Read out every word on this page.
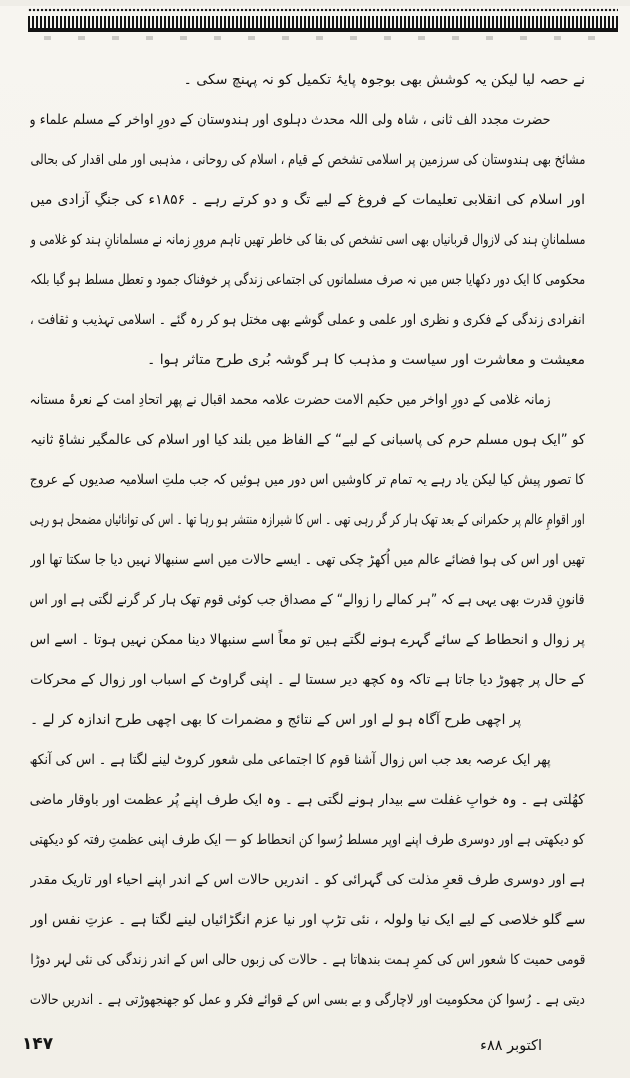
نے حصہ لیا لیکن یہ کوشش بھی بوجوہ پایۂ تکمیل کو نہ پہنچ سکی ۔
حضرت مجدد الف ثانی ، شاہ ولی اللہ محدث دہلوی اور ہندوستان کے دورِ اواخر کے مسلم علماء و
مشائخ بھی ہندوستان کی سرزمین پر اسلامی تشخص کے قیام ، اسلام کی روحانی ، مذہبی اور ملی اقدار کی بحالی
اور اسلام کی انقلابی تعلیمات کے فروغ کے لیے تگ و دو کرتے رہے ۔ ۱۸۵۶ء کی جنگِ آزادی میں
مسلمانانِ ہند کی لازوال قربانیاں بھی اسی تشخص کی بقا کی خاطر تھیں تاہم مرورِ زمانہ نے مسلمانانِ ہند کو غلامی و
محکومی کا ایک دور دکھایا جس میں نہ صرف مسلمانوں کی اجتماعی زندگی پر خوفناک جمود و تعطل مسلط ہو گیا بلکہ
انفرادی زندگی کے فکری و نظری اور علمی و عملی گوشے بھی مختل ہو کر رہ گئے ۔ اسلامی تہذیب و ثقافت ،
معیشت و معاشرت اور سیاست و مذہب کا ہر گوشہ بُری طرح متاثر ہوا ۔
زمانہ غلامی کے دورِ اواخر میں حکیم الامت حضرت علامہ محمد اقبال نے پھر اتحادِ امت کے نعرۂ مستانہ
کو ”ایک ہوں مسلم حرم کی پاسبانی کے لیے“ کے الفاظ میں بلند کیا اور اسلام کی عالمگیر نشاۃِ ثانیہ
کا تصور پیش کیا لیکن یاد رہے یہ تمام تر کاوشیں اس دور میں ہوئیں کہ جب ملتِ اسلامیہ صدیوں کے عروج
اور اقوامِ عالم پر حکمرانی کے بعد تھک ہار کر گر رہی تھی ۔ اس کا شیرازہ منتشر ہو رہا تھا ۔ اس کی توانائیاں مضمحل ہو رہی
تھیں اور اس کی ہوا فضائے عالم میں اُکھڑ چکی تھی ۔ ایسے حالات میں اسے سنبھالا نہیں دیا جا سکتا تھا اور
قانونِ قدرت بھی یہی ہے کہ ”ہر کمالے را زوالے“ کے مصداق جب کوئی قوم تھک ہار کر گرنے لگتی ہے اور اس
پر زوال و انحطاط کے سائے گہرے ہونے لگتے ہیں تو معاً اسے سنبھالا دینا ممکن نہیں ہوتا ۔ اسے اس
کے حال پر چھوڑ دیا جاتا ہے تاکہ وہ کچھ دیر سستا لے ۔ اپنی گراوٹ کے اسباب اور زوال کے محرکات
پر اچھی طرح آگاہ ہو لے اور اس کے نتائج و مضمرات کا بھی اچھی طرح اندازہ کر لے ۔
پھر ایک عرصہ بعد جب اس زوال آشنا قوم کا اجتماعی ملی شعور کروٹ لینے لگتا ہے ۔ اس کی آنکھ
کھُلتی ہے ۔ وہ خوابِ غفلت سے بیدار ہونے لگتی ہے ۔ وہ ایک طرف اپنے پُر عظمت اور باوقار ماضی
کو دیکھتی ہے اور دوسری طرف اپنے اوپر مسلط رُسوا کن انحطاط کو — ایک طرف اپنی عظمتِ رفتہ کو دیکھتی
ہے اور دوسری طرف قعرِ مذلت کی گہرائی کو ۔ اندریں حالات اس کے اندر اپنے احیاء اور تاریک مقدر
سے گلو خلاصی کے لیے ایک نیا ولولہ ، نئی تڑپ اور نیا عزم انگڑائیاں لینے لگتا ہے ۔ عزتِ نفس اور
قومی حمیت کا شعور اس کی کمرِ ہمت بندھاتا ہے ۔ حالات کی زبوں حالی اس کے اندر زندگی کی نئی لہر دوڑا
دیتی ہے ۔ رُسوا کن محکومیت اور لاچارگی و بے بسی اس کے قوائے فکر و عمل کو جھنجھوڑتی ہے ۔ اندریں حالات
اکتوبر ۸۸ء
۱۴۷
